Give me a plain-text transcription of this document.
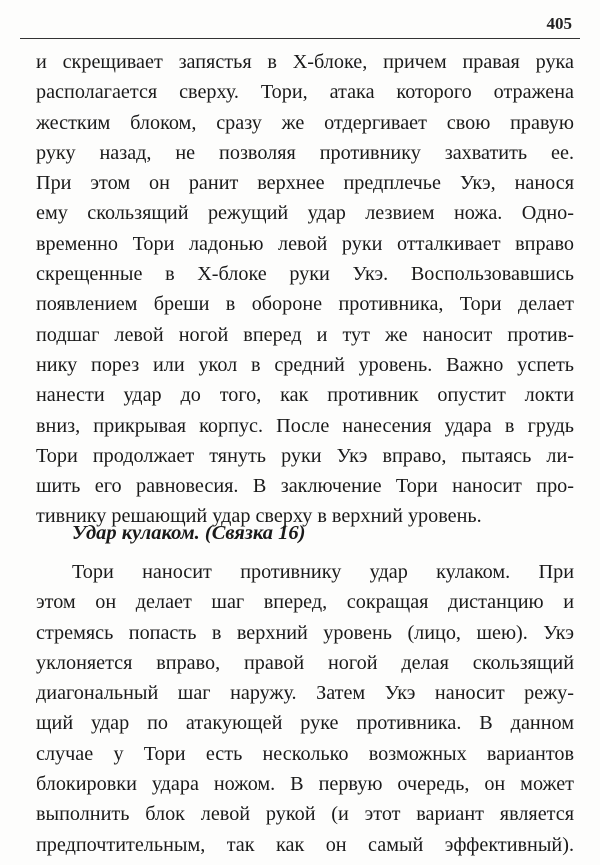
405
и скрещивает запястья в Х-блоке, причем правая рука
располагается сверху. Тори, атака которого отражена
жестким блоком, сразу же отдергивает свою правую
руку назад, не позволяя противнику захватить ее.
При этом он ранит верхнее предплечье Укэ, нанося
ему скользящий режущий удар лезвием ножа. Одно-
временно Тори ладонью левой руки отталкивает вправо
скрещенные в Х-блоке руки Укэ. Воспользовавшись
появлением бреши в обороне противника, Тори делает
подшаг левой ногой вперед и тут же наносит против-
нику порез или укол в средний уровень. Важно успеть
нанести удар до того, как противник опустит локти
вниз, прикрывая корпус. После нанесения удара в грудь
Тори продолжает тянуть руки Укэ вправо, пытаясь ли-
шить его равновесия. В заключение Тори наносит про-
тивнику решающий удар сверху в верхний уровень.
Удар кулаком. (Связка 16)
Тори наносит противнику удар кулаком. При
этом он делает шаг вперед, сокращая дистанцию и
стремясь попасть в верхний уровень (лицо, шею). Укэ
уклоняется вправо, правой ногой делая скользящий
диагональный шаг наружу. Затем Укэ наносит режу-
щий удар по атакующей руке противника. В данном
случае у Тори есть несколько возможных вариантов
блокировки удара ножом. В первую очередь, он может
выполнить блок левой рукой (и этот вариант является
предпочтительным, так как он самый эффективный).
